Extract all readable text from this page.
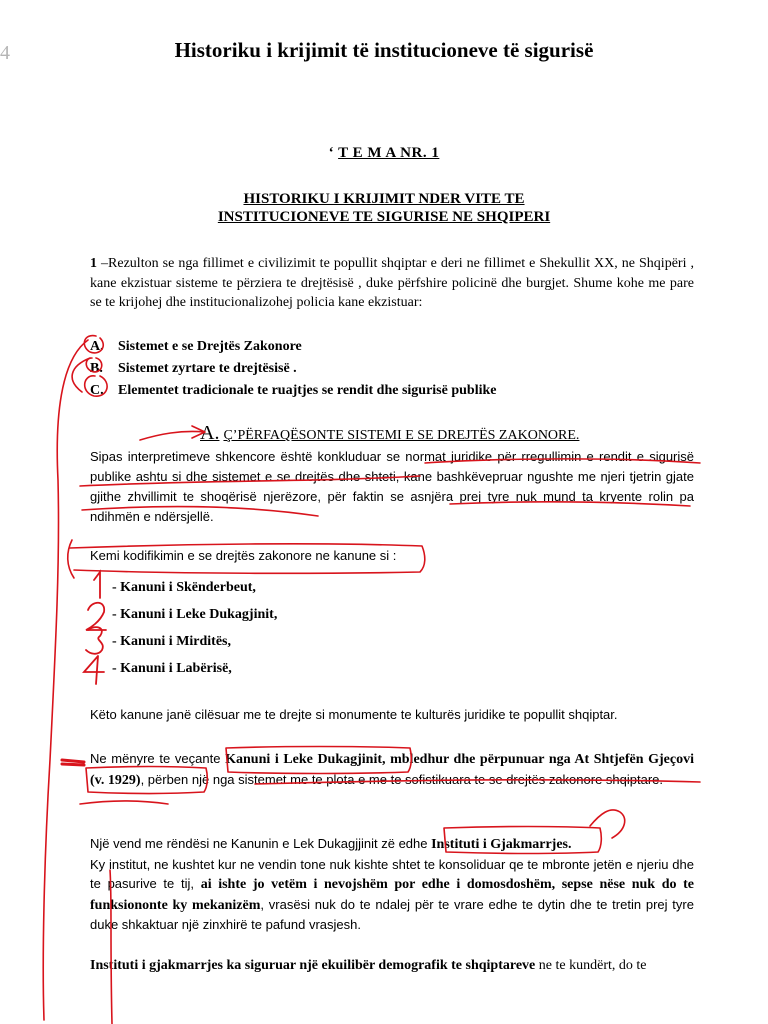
4	Historiku i krijimit të institucioneve të sigurisë
‘ T E M A NR. 1
HISTORIKU I KRIJIMIT NDER VITE TE
INSTITUCIONEVE TE SIGURISE NE SHQIPERI
1 –Rezulton se nga fillimet e civilizimit te popullit shqiptar e deri ne fillimet e Shekullit XX, ne Shqipëri , kane ekzistuar sisteme te përziera te drejtësisë , duke përfshire policinë dhe burgjet. Shume kohe me pare se te krijohej dhe institucionalizohej policia kane ekzistuar:
A. Sistemet e se Drejtës Zakonore
B. Sistemet zyrtare te drejtësisë .
C. Elementet tradicionale te ruajtjes se rendit dhe sigurisë publike
A. Ç’PËRFAQËSONTE SISTEMI E SE DREJTËS ZAKONORE.
Sipas interpretimeve shkencore është konkluduar se normat juridike për rregullimin e rendit e sigurisë publike ashtu si dhe sistemet e se drejtës dhe shteti, kane bashkëvepruar ngushte me njeri tjetrin gjate gjithe zhvillimit te shoqërisë njerëzore, për faktin se asnjëra prej tyre nuk mund ta kryente rolin pa ndihmën e ndërsjellë.
Kemi kodifikimin e se drejtës zakonore ne kanune si :
- Kanuni i Skënderbeut,
- Kanuni i Leke Dukagjinit,
- Kanuni i Mirditës,
- Kanuni i Labërisë,
Këto kanune janë cilësuar me te drejte si monumente te kulturës juridike te popullit shqiptar.
Ne mënyre te veçante Kanuni i Leke Dukagjinit, mbledhur dhe përpunuar nga At Shtjefën Gjeçovi (v. 1929), përben një nga sistemet me te plota e me te sofistikuara te se drejtës zakonore shqiptare.
Një vend me rëndësi ne Kanunin e Lek Dukagjjinit zë edhe Instituti i Gjakmarrjes.
Ky institut, ne kushtet kur ne vendin tone nuk kishte shtet te konsoliduar qe te mbronte jetën e njeriu dhe te pasurive te tij, ai ishte jo vetëm i nevojshëm por edhe i domosdoshëm, sepse nëse nuk do te funksiononte ky mekanizëm, vrasësi nuk do te ndalej për te vrare edhe te dytin dhe te tretin prej tyre duke shkaktuar një zinxhirë te pafund vrasjesh.
Instituti i gjakmarrjes ka siguruar një ekuilibër demografik te shqiptareve ne te kundërt, do te
